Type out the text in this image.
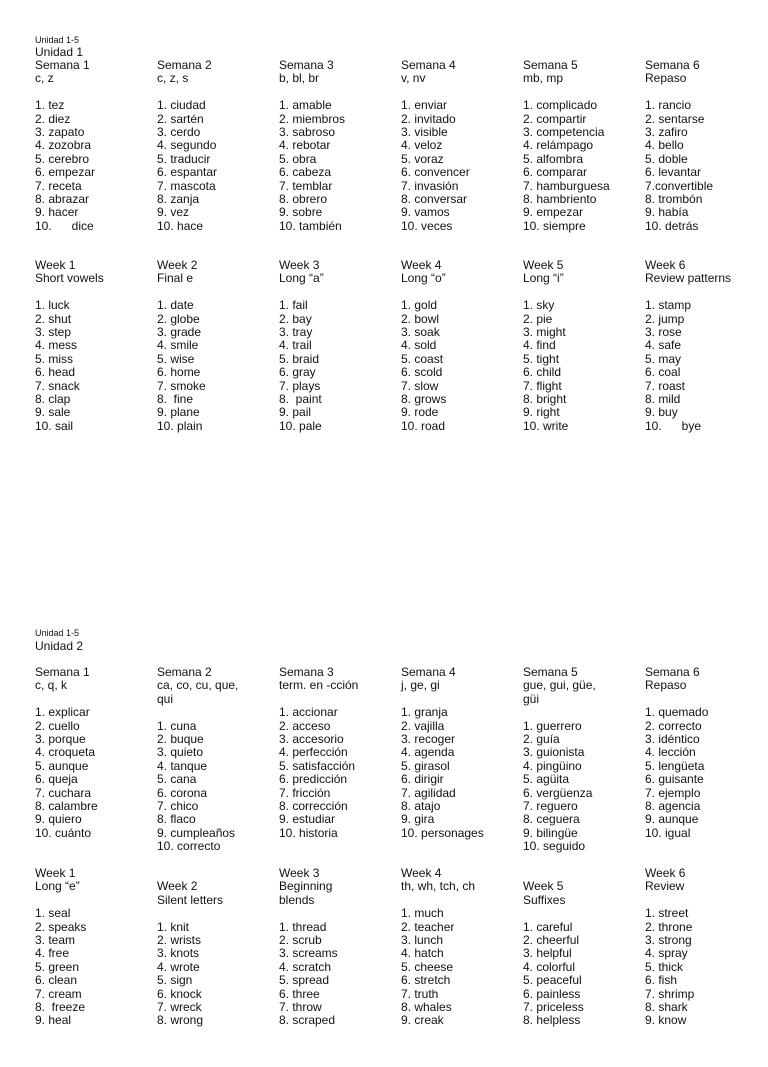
Unidad 1-5
Unidad 1
Semana 1
c, z
1. tez
2. diez
3. zapato
4. zozobra
5. cerebro
6. empezar
7. receta
8. abrazar
9. hacer
10.      dice
Semana 2
c, z, s
1. ciudad
2. sartén
3. cerdo
4. segundo
5. traducir
6. espantar
7. mascota
8. zanja
9. vez
10. hace
Semana 3
b, bl, br
1. amable
2. miembros
3. sabroso
4. rebotar
5. obra
6. cabeza
7. temblar
8. obrero
9. sobre
10. también
Semana 4
v, nv
1. enviar
2. invitado
3. visible
4. veloz
5. voraz
6. convencer
7. invasión
8. conversar
9. vamos
10. veces
Semana 5
mb, mp
1. complicado
2. compartir
3. competencia
4. relámpago
5. alfombra
6. comparar
7. hamburguesa
8. hambriento
9. empezar
10. siempre
Semana 6
Repaso
1. rancio
2. sentarse
3. zafiro
4. bello
5. doble
6. levantar
7.convertible
8. trombón
9. había
10. detrás
Week 1
Short vowels
1. luck
2. shut
3. step
4. mess
5. miss
6. head
7. snack
8. clap
9. sale
10. sail
Week 2
Final e
1. date
2. globe
3. grade
4. smile
5. wise
6. home
7. smoke
8.  fine
9. plane
10. plain
Week 3
Long “a”
1. fail
2. bay
3. tray
4. trail
5. braid
6. gray
7. plays
8.  paint
9. pail
10. pale
Week 4
Long “o”
1. gold
2. bowl
3. soak
4. sold
5. coast
6. scold
7. slow
8. grows
9. rode
10. road
Week 5
Long “i”
1. sky
2. pie
3. might
4. find
5. tight
6. child
7. flight
8. bright
9. right
10. write
Week 6
Review patterns
1. stamp
2. jump
3. rose
4. safe
5. may
6. coal
7. roast
8. mild
9. buy
10.      bye
Unidad 1-5
Unidad 2
Semana 1
c, q, k
1. explicar
2. cuello
3. porque
4. croqueta
5. aunque
6. queja
7. cuchara
8. calambre
9. quiero
10. cuánto
Semana 2
ca, co, cu, que,
qui
1. cuna
2. buque
3. quieto
4. tanque
5. cana
6. corona
7. chico
8. flaco
9. cumpleaños
10. correcto
Semana 3
term. en -cción
1. accionar
2. acceso
3. accesorio
4. perfección
5. satisfacción
6. predicción
7. fricción
8. corrección
9. estudiar
10. historia
Semana 4
j, ge, gi
1. granja
2. vajilla
3. recoger
4. agenda
5. girasol
6. dirigir
7. agilidad
8. atajo
9. gira
10. personages
Semana 5
gue, gui, güe,
güi
1. guerrero
2. guía
3. guionista
4. pingüino
5. agüita
6. vergüenza
7. reguero
8. ceguera
9. bilingüe
10. seguido
Semana 6
Repaso
1. quemado
2. correcto
3. idéntico
4. lección
5. lengüeta
6. guisante
7. ejemplo
8. agencia
9. aunque
10. igual
Week 1
Long “e”
1. seal
2. speaks
3. team
4. free
5. green
6. clean
7. cream
8.  freeze
9. heal
Week 2
Silent letters
1. knit
2. wrists
3. knots
4. wrote
5. sign
6. knock
7. wreck
8. wrong
Week 3
Beginning
blends
1. thread
2. scrub
3. screams
4. scratch
5. spread
6. three
7. throw
8. scraped
Week 4
th, wh, tch, ch
1. much
2. teacher
3. lunch
4. hatch
5. cheese
6. stretch
7. truth
8. whales
9. creak
Week 5
Suffixes
1. careful
2. cheerful
3. helpful
4. colorful
5. peaceful
6. painless
7. priceless
8. helpless
Week 6
Review
1. street
2. throne
3. strong
4. spray
5. thick
6. fish
7. shrimp
8. shark
9. know
